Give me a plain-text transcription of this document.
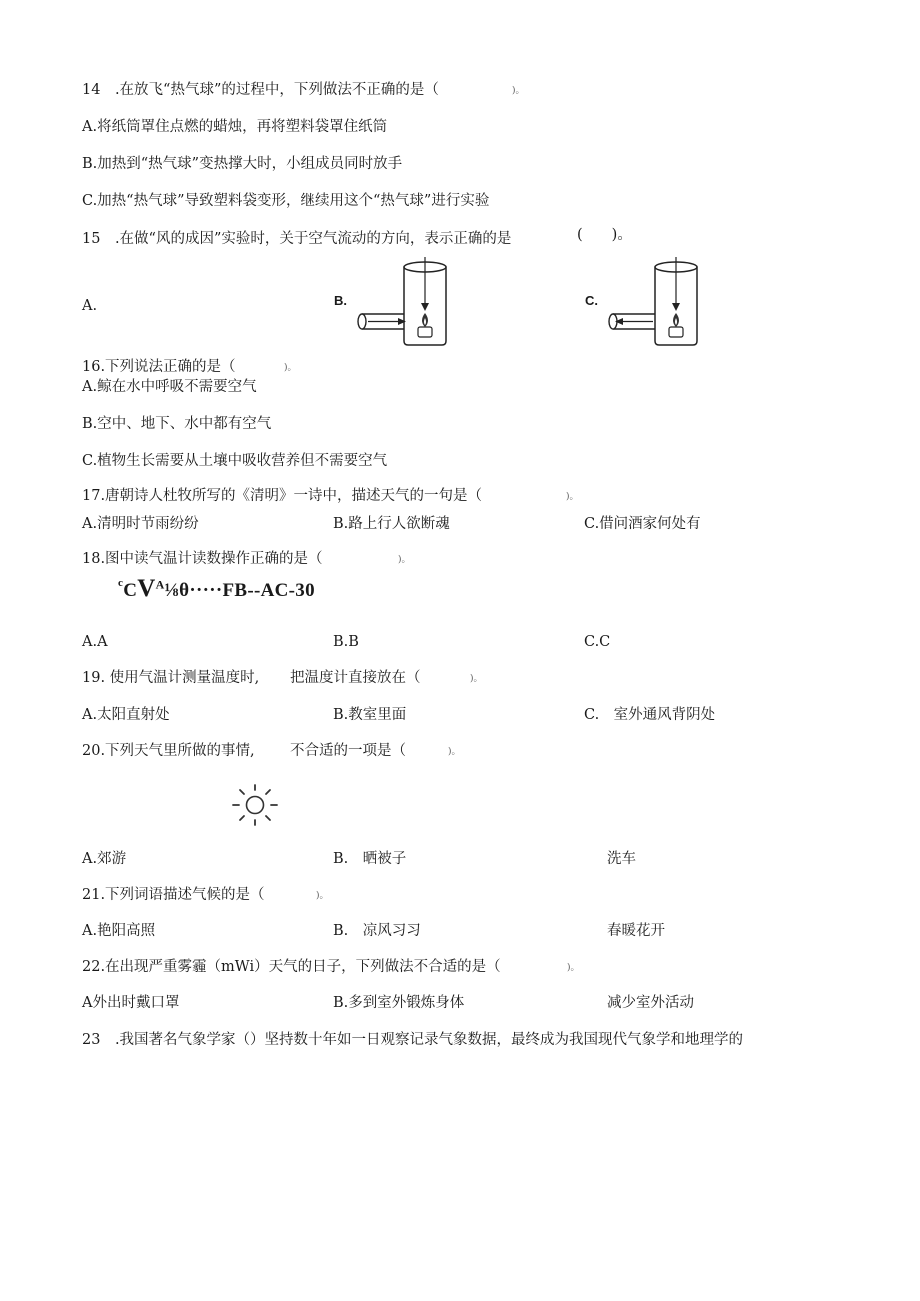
14　.在放飞“热气球”的过程中，下列做法不正确的是（	)。
A.将纸筒罩住点燃的蜡烛，再将塑料袋罩住纸筒
B.加热到“热气球”变热撑大时，小组成员同时放手
C.加热“热气球”导致塑料袋变形，继续用这个“热气球”进行实验
15　.在做“风的成因”实验时，关于空气流动的方向，表示正确的是	(　　)。
A.	B.	C.
16.下列说法正确的是（	)。
A.鲸在水中呼吸不需要空气
B.空中、地下、水中都有空气
C.植物生长需要从土壤中吸收营养但不需要空气
17.唐朝诗人杜牧所写的《清明》一诗中，描述天气的一句是（	)。
A.清明时节雨纷纷	B.路上行人欲断魂	C.借问酒家何处有
18.图中读气温计读数操作正确的是（	)。
$^cCV^A\frac{1}{8}\theta\cdot\cdot\cdot\cdot\cdot FB--AC-30$
A.A	B.B	C.C
19. 使用气温计测量温度时, 把温度计直接放在（	)。
A.太阳直射处	B.教室里面	C.　室外通风背阴处
20.下列天气里所做的事情, 不合适的一项是（	)。
A.郊游	B.　晒被子	洗车
21.下列词语描述气候的是（	)。
A.艳阳高照	B.　凉风习习	春暖花开
22.在出现严重雾霾（mWi）天气的日子，下列做法不合适的是（	)。
A外出时戴口罩	B.多到室外锻炼身体	减少室外活动
23　.我国著名气象学家（）坚持数十年如一日观察记录气象数据，最终成为我国现代气象学和地理学的
